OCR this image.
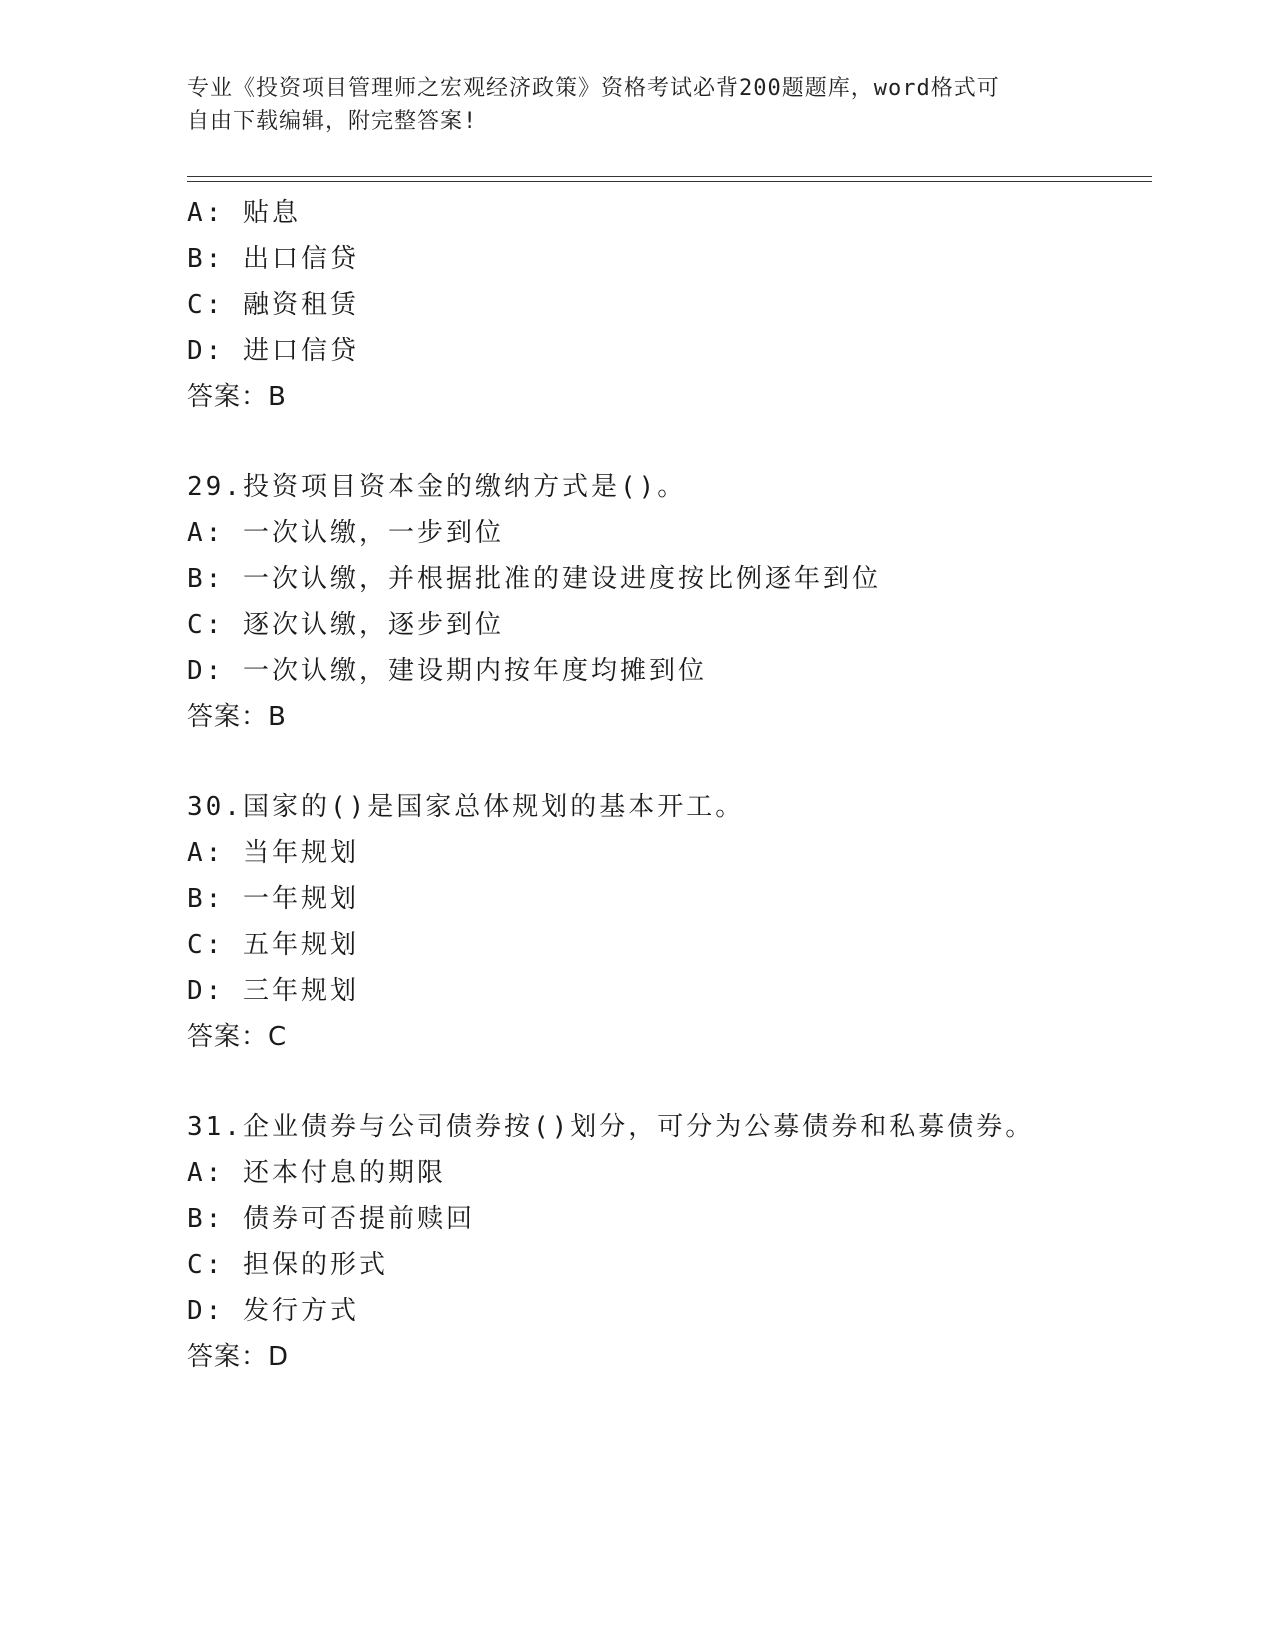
专业《投资项目管理师之宏观经济政策》资格考试必背200题题库，word格式可
自由下载编辑，附完整答案!
A: 贴息
B: 出口信贷
C: 融资租赁
D: 进口信贷
答案：B
29.投资项目资本金的缴纳方式是()。
A: 一次认缴，一步到位
B: 一次认缴，并根据批准的建设进度按比例逐年到位
C: 逐次认缴，逐步到位
D: 一次认缴，建设期内按年度均摊到位
答案：B
30.国家的()是国家总体规划的基本开工。
A: 当年规划
B: 一年规划
C: 五年规划
D: 三年规划
答案：C
31.企业债券与公司债券按()划分，可分为公募债券和私募债券。
A: 还本付息的期限
B: 债券可否提前赎回
C: 担保的形式
D: 发行方式
答案：D
